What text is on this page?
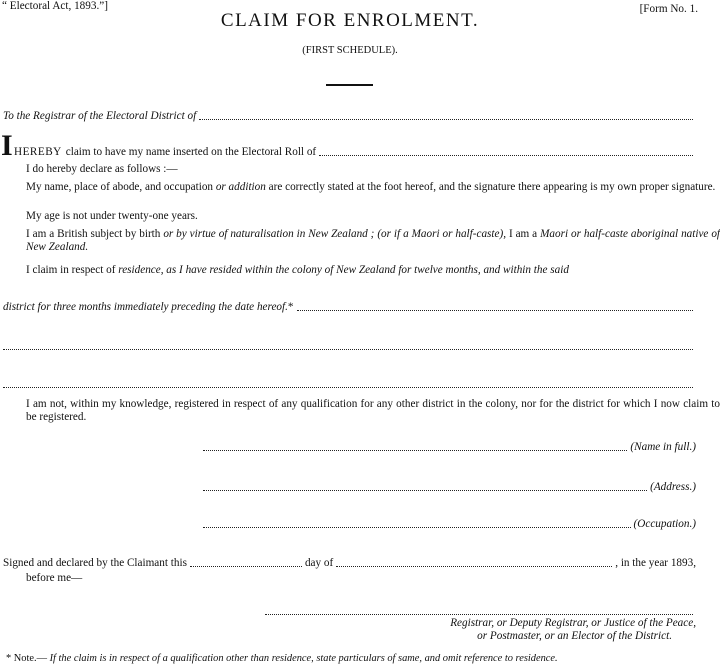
“ Electoral Act, 1893.”]	[Form No. 1.
CLAIM FOR ENROLMENT.
(FIRST SCHEDULE).
To the Registrar of the Electoral District of
I HEREBY claim to have my name inserted on the Electoral Roll of
I do hereby declare as follows :—
My name, place of abode, and occupation or addition are correctly stated at the foot hereof, and the signature there appearing is my own proper signature.
My age is not under twenty-one years.
I am a British subject by birth or by virtue of naturalisation in New Zealand ; (or if a Maori or half-caste), I am a Maori or half-caste aboriginal native of New Zealand.
I claim in respect of residence, as I have resided within the colony of New Zealand for twelve months, and within the said
district for three months immediately preceding the date hereof. *
I am not, within my knowledge, registered in respect of any qualification for any other district in the colony, nor for the district for which I now claim to be registered.
(Name in full.)
(Address.)
(Occupation.)
Signed and declared by the Claimant this	day of	, in the year 1893,
before me—
Registrar, or Deputy Registrar, or Justice of the Peace,
or Postmaster, or an Elector of the District.
* Note.— If the claim is in respect of a qualification other than residence, state particulars of same, and omit reference to residence.
